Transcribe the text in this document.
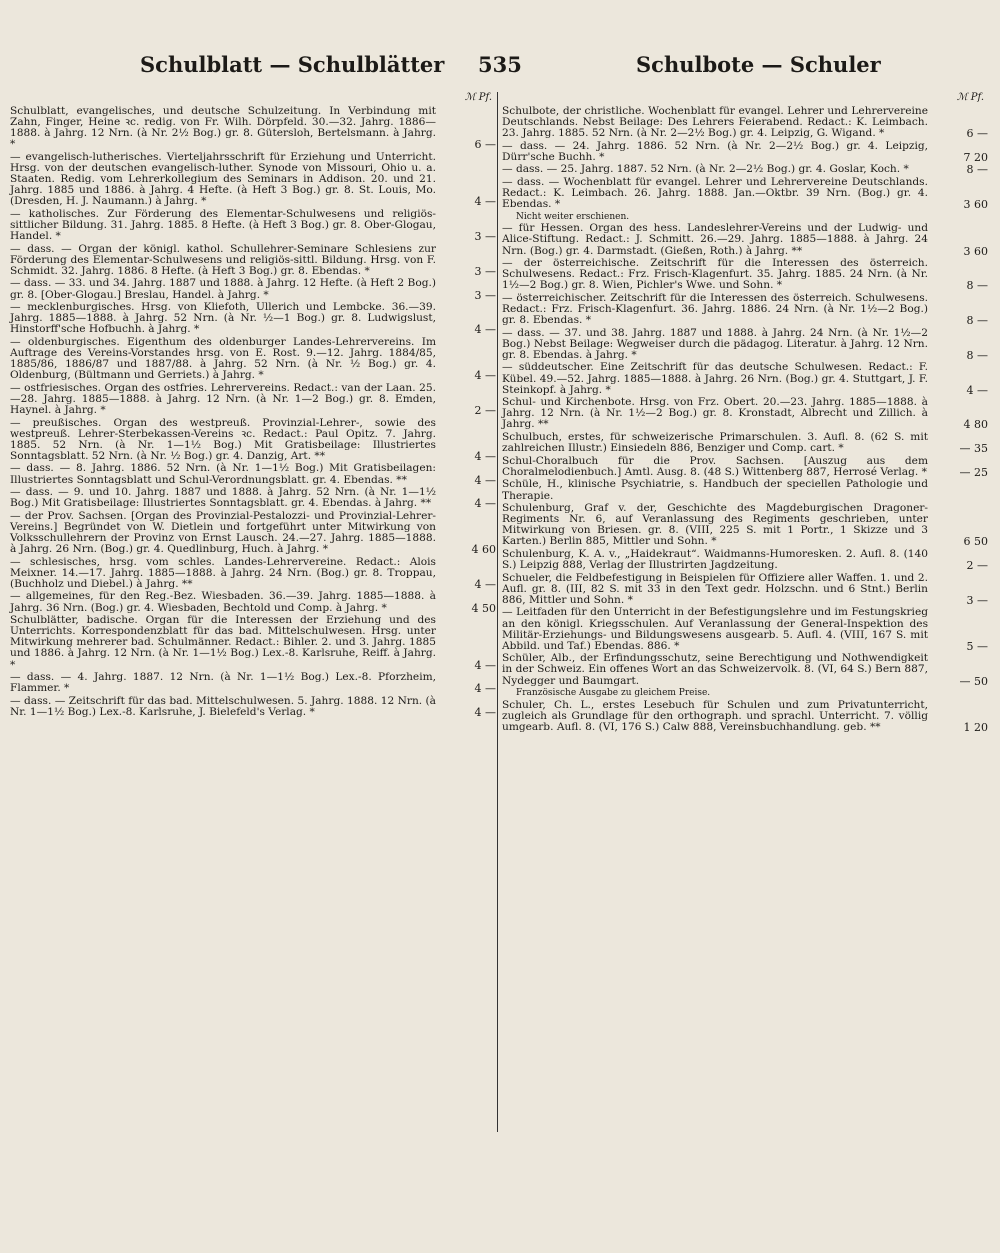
Schulblatt — Schulblätter 535	Schulbote — Schuler
ℳ Pf.
Schulblatt, evangelisches, und deutsche Schulzeitung. In Verbindung mit Zahn, Finger, Heine ꝛc. redig. von Fr. Wilh. Dörpfeld. 30.—32. Jahrg. 1886—1888. à Jahrg. 12 Nrn. (à Nr. 2½ Bog.) gr. 8. Gütersloh, Bertelsmann. à Jahrg. *	6 —
— evangelisch-lutherisches. Vierteljahrsschrift für Erziehung und Unterricht. Hrsg. von der deutschen evangelisch-luther. Synode von Missouri, Ohio u. a. Staaten. Redig. vom Lehrerkollegium des Seminars in Addison. 20. und 21. Jahrg. 1885 und 1886. à Jahrg. 4 Hefte. (à Heft 3 Bog.) gr. 8. St. Louis, Mo. (Dresden, H. J. Naumann.) à Jahrg. *	4 —
— katholisches. Zur Förderung des Elementar-Schulwesens und religiös-sittlicher Bildung. 31. Jahrg. 1885. 8 Hefte. (à Heft 3 Bog.) gr. 8. Ober-Glogau, Handel. *	3 —
— dass. — Organ der königl. kathol. Schullehrer-Seminare Schlesiens zur Förderung des Elementar-Schulwesens und religiös-sittl. Bildung. Hrsg. von F. Schmidt. 32. Jahrg. 1886. 8 Hefte. (à Heft 3 Bog.) gr. 8. Ebendas. *	3 —
— dass. — 33. und 34. Jahrg. 1887 und 1888. à Jahrg. 12 Hefte. (à Heft 2 Bog.) gr. 8. [Ober-Glogau.] Breslau, Handel. à Jahrg. *	3 —
— mecklenburgisches. Hrsg. von Kliefoth, Ullerich und Lembcke. 36.—39. Jahrg. 1885—1888. à Jahrg. 52 Nrn. (à Nr. ½—1 Bog.) gr. 8. Ludwigslust, Hinstorff'sche Hofbuchh. à Jahrg. *	4 —
— oldenburgisches. Eigenthum des oldenburger Landes-Lehrervereins. Im Auftrage des Vereins-Vorstandes hrsg. von E. Rost. 9.—12. Jahrg. 1884/85, 1885/86, 1886/87 und 1887/88. à Jahrg. 52 Nrn. (à Nr. ½ Bog.) gr. 4. Oldenburg, (Bültmann und Gerriets.) à Jahrg. *	4 —
— ostfriesisches. Organ des ostfries. Lehrervereins. Redact.: van der Laan. 25.—28. Jahrg. 1885—1888. à Jahrg. 12 Nrn. (à Nr. 1—2 Bog.) gr. 8. Emden, Haynel. à Jahrg. *	2 —
— preußisches. Organ des westpreuß. Provinzial-Lehrer-, sowie des westpreuß. Lehrer-Sterbekassen-Vereins ꝛc. Redact.: Paul Opitz. 7. Jahrg. 1885. 52 Nrn. (à Nr. 1—1½ Bog.) Mit Gratisbeilage: Illustriertes Sonntagsblatt. 52 Nrn. (à Nr. ½ Bog.) gr. 4. Danzig, Art. **	4 —
— dass. — 8. Jahrg. 1886. 52 Nrn. (à Nr. 1—1½ Bog.) Mit Gratisbeilagen: Illustriertes Sonntagsblatt und Schul-Verordnungsblatt. gr. 4. Ebendas. **	4 —
— dass. — 9. und 10. Jahrg. 1887 und 1888. à Jahrg. 52 Nrn. (à Nr. 1—1½ Bog.) Mit Gratisbeilage: Illustriertes Sonntagsblatt. gr. 4. Ebendas. à Jahrg. **	4 —
— der Prov. Sachsen. [Organ des Provinzial-Pestalozzi- und Provinzial-Lehrer-Vereins.] Begründet von W. Dietlein und fortgeführt unter Mitwirkung von Volksschullehrern der Provinz von Ernst Lausch. 24.—27. Jahrg. 1885—1888. à Jahrg. 26 Nrn. (Bog.) gr. 4. Quedlinburg, Huch. à Jahrg. *	4 60
— schlesisches, hrsg. vom schles. Landes-Lehrervereine. Redact.: Alois Meixner. 14.—17. Jahrg. 1885—1888. à Jahrg. 24 Nrn. (Bog.) gr. 8. Troppau, (Buchholz und Diebel.) à Jahrg. **	4 —
— allgemeines, für den Reg.-Bez. Wiesbaden. 36.—39. Jahrg. 1885—1888. à Jahrg. 36 Nrn. (Bog.) gr. 4. Wiesbaden, Bechtold und Comp. à Jahrg. *	4 50
Schulblätter, badische. Organ für die Interessen der Erziehung und des Unterrichts. Korrespondenzblatt für das bad. Mittelschulwesen. Hrsg. unter Mitwirkung mehrerer bad. Schulmänner. Redact.: Bihler. 2. und 3. Jahrg. 1885 und 1886. à Jahrg. 12 Nrn. (à Nr. 1—1½ Bog.) Lex.-8. Karlsruhe, Reiff. à Jahrg. *	4 —
— dass. — 4. Jahrg. 1887. 12 Nrn. (à Nr. 1—1½ Bog.) Lex.-8. Pforzheim, Flammer. *	4 —
— dass. — Zeitschrift für das bad. Mittelschulwesen. 5. Jahrg. 1888. 12 Nrn. (à Nr. 1—1½ Bog.) Lex.-8. Karlsruhe, J. Bielefeld's Verlag. *	4 —
ℳ Pf.
Schulbote, der christliche. Wochenblatt für evangel. Lehrer und Lehrervereine Deutschlands. Nebst Beilage: Des Lehrers Feierabend. Redact.: K. Leimbach. 23. Jahrg. 1885. 52 Nrn. (à Nr. 2—2½ Bog.) gr. 4. Leipzig, G. Wigand. *	6 —
— dass. — 24. Jahrg. 1886. 52 Nrn. (à Nr. 2—2½ Bog.) gr. 4. Leipzig, Dürr'sche Buchh. *	7 20
— dass. — 25. Jahrg. 1887. 52 Nrn. (à Nr. 2—2½ Bog.) gr. 4. Goslar, Koch. *	8 —
— dass. — Wochenblatt für evangel. Lehrer und Lehrervereine Deutschlands. Redact.: K. Leimbach. 26. Jahrg. 1888. Jan.—Oktbr. 39 Nrn. (Bog.) gr. 4. Ebendas. *	3 60
Nicht weiter erschienen.
— für Hessen. Organ des hess. Landeslehrer-Vereins und der Ludwig- und Alice-Stiftung. Redact.: J. Schmitt. 26.—29. Jahrg. 1885—1888. à Jahrg. 24 Nrn. (Bog.) gr. 4. Darmstadt. (Gießen, Roth.) à Jahrg. **	3 60
— der österreichische. Zeitschrift für die Interessen des österreich. Schulwesens. Redact.: Frz. Frisch-Klagenfurt. 35. Jahrg. 1885. 24 Nrn. (à Nr. 1½—2 Bog.) gr. 8. Wien, Pichler's Wwe. und Sohn. *	8 —
— österreichischer. Zeitschrift für die Interessen des österreich. Schulwesens. Redact.: Frz. Frisch-Klagenfurt. 36. Jahrg. 1886. 24 Nrn. (à Nr. 1½—2 Bog.) gr. 8. Ebendas. *	8 —
— dass. — 37. und 38. Jahrg. 1887 und 1888. à Jahrg. 24 Nrn. (à Nr. 1½—2 Bog.) Nebst Beilage: Wegweiser durch die pädagog. Literatur. à Jahrg. 12 Nrn. gr. 8. Ebendas. à Jahrg. *	8 —
— süddeutscher. Eine Zeitschrift für das deutsche Schulwesen. Redact.: F. Kübel. 49.—52. Jahrg. 1885—1888. à Jahrg. 26 Nrn. (Bog.) gr. 4. Stuttgart, J. F. Steinkopf. à Jahrg. *	4 —
Schul- und Kirchenbote. Hrsg. von Frz. Obert. 20.—23. Jahrg. 1885—1888. à Jahrg. 12 Nrn. (à Nr. 1½—2 Bog.) gr. 8. Kronstadt, Albrecht und Zillich. à Jahrg. **	4 80
Schulbuch, erstes, für schweizerische Primarschulen. 3. Aufl. 8. (62 S. mit zahlreichen Illustr.) Einsiedeln 886, Benziger und Comp. cart. *	— 35
Schul-Choralbuch für die Prov. Sachsen. [Auszug aus dem Choralmelodienbuch.] Amtl. Ausg. 8. (48 S.) Wittenberg 887, Herrosé Verlag. *	— 25
Schüle, H., klinische Psychiatrie, s. Handbuch der speciellen Pathologie und Therapie.
Schulenburg, Graf v. der, Geschichte des Magdeburgischen Dragoner-Regiments Nr. 6, auf Veranlassung des Regiments geschrieben, unter Mitwirkung von Briesen. gr. 8. (VIII, 225 S. mit 1 Portr., 1 Skizze und 3 Karten.) Berlin 885, Mittler und Sohn. *	6 50
Schulenburg, K. A. v., „Haidekraut“. Waidmanns-Humoresken. 2. Aufl. 8. (140 S.) Leipzig 888, Verlag der Illustrirten Jagdzeitung.	2 —
Schueler, die Feldbefestigung in Beispielen für Offiziere aller Waffen. 1. und 2. Aufl. gr. 8. (III, 82 S. mit 33 in den Text gedr. Holzschn. und 6 Stnt.) Berlin 886, Mittler und Sohn. *	3 —
— Leitfaden für den Unterricht in der Befestigungslehre und im Festungskrieg an den königl. Kriegsschulen. Auf Veranlassung der General-Inspektion des Militär-Erziehungs- und Bildungswesens ausgearb. 5. Aufl. 4. (VIII, 167 S. mit Abbild. und Taf.) Ebendas. 886. *	5 —
Schüler, Alb., der Erfindungsschutz, seine Berechtigung und Nothwendigkeit in der Schweiz. Ein offenes Wort an das Schweizervolk. 8. (VI, 64 S.) Bern 887, Nydegger und Baumgart.	— 50
Französische Ausgabe zu gleichem Preise.
Schuler, Ch. L., erstes Lesebuch für Schulen und zum Privatunterricht, zugleich als Grundlage für den orthograph. und sprachl. Unterricht. 7. völlig umgearb. Aufl. 8. (VI, 176 S.) Calw 888, Vereinsbuchhandlung. geb. **	1 20
